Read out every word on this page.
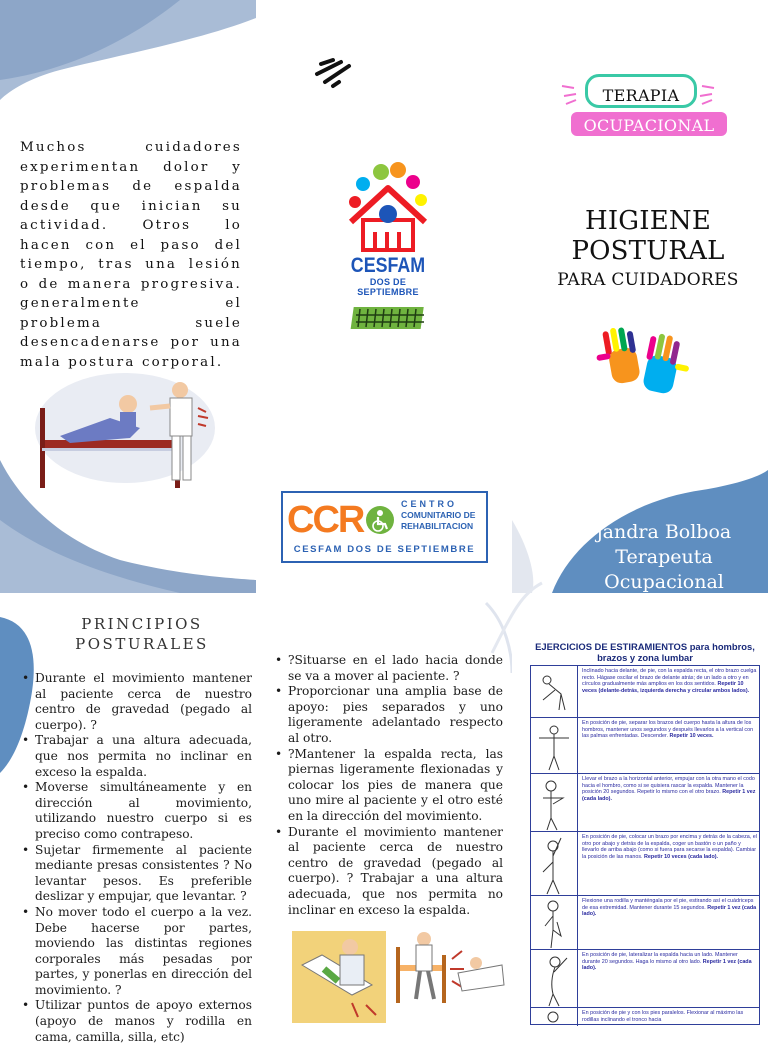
Muchos cuidadores experimentan dolor y problemas de espalda desde que inician su actividad. Otros lo hacen con el paso del tiempo, tras una lesión o de manera progresiva. generalmente el problema suele desencadenarse por una mala postura corporal.
CESFAM
DOS DE SEPTIEMBRE
CCR	CENTRO
COMUNITARIO DE
REHABILITACION
CESFAM DOS DE SEPTIEMBRE
TERAPIA
OCUPACIONAL
HIGIENE
POSTURAL
PARA CUIDADORES
jandra Bolboa
Terapeuta
Ocupacional
PRINCIPIOS
POSTURALES
• Durante el movimiento mantener al paciente cerca de nuestro centro de gravedad (pegado al cuerpo). ?
• Trabajar a una altura adecuada, que nos permita no inclinar en exceso la espalda.
• Moverse simultáneamente y en dirección al movimiento, utilizando nuestro cuerpo si es preciso como contrapeso.
• Sujetar firmemente al paciente mediante presas consistentes ? No levantar pesos. Es preferible deslizar y empujar, que levantar. ?
• No mover todo el cuerpo a la vez. Debe hacerse por partes, moviendo las distintas regiones corporales más pesadas por partes, y ponerlas en dirección del movimiento. ?
• Utilizar puntos de apoyo externos (apoyo de manos y rodilla en cama, camilla, silla, etc)
• ?Situarse en el lado hacia donde se va a mover al paciente. ?
• Proporcionar una amplia base de apoyo: pies separados y uno ligeramente adelantado respecto al otro.
• ?Mantener la espalda recta, las piernas ligeramente flexionadas y colocar los pies de manera que uno mire al paciente y el otro esté en la dirección del movimiento.
• Durante el movimiento mantener al paciente cerca de nuestro centro de gravedad (pegado al cuerpo). ? Trabajar a una altura adecuada, que nos permita no inclinar en exceso la espalda.
EJERCICIOS DE ESTIRAMIENTOS para hombros, brazos y zona lumbar
Inclinado hacia delante, de pie, con la espalda recta, el otro brazo cuelga recto. Hágase oscilar el brazo de delante atrás; de un lado a otro y en círculos gradualmente más amplios en los dos sentidos. Repetir 10 veces (delante-detrás, izquierda derecha y circular ambos lados).
En posición de pie, separar los brazos del cuerpo hasta la altura de los hombros, mantener unos segundos y después llevarlos a la vertical con las palmas enfrentadas. Descender. Repetir 10 veces.
Llevar el brazo a la horizontal anterior, empujar con la otra mano el codo hacia el hombro, como si se quisiera rascar la espalda. Mantener la posición 20 segundos. Repetir lo mismo con el otro brazo. Repetir 1 vez (cada lado).
En posición de pie, colocar un brazo por encima y detrás de la cabeza, el otro por abajo y detrás de la espalda, coger un bastón o un paño y llevarlo de arriba abajo (como si fuera para secarse la espalda). Cambiar la posición de las manos. Repetir 10 veces (cada lado).
Flexione una rodilla y manténgala por el pie, estirando así el cuádriceps de esa extremidad. Mantener durante 15 segundos. Repetir 1 vez (cada lado).
En posición de pie, lateralizar la espalda hacia un lado. Mantener durante 20 segundos. Haga lo mismo al otro lado. Repetir 1 vez (cada lado).
En posición de pie y con los pies paralelos. Flexionar al máximo las rodillas inclinando el tronco hacia
